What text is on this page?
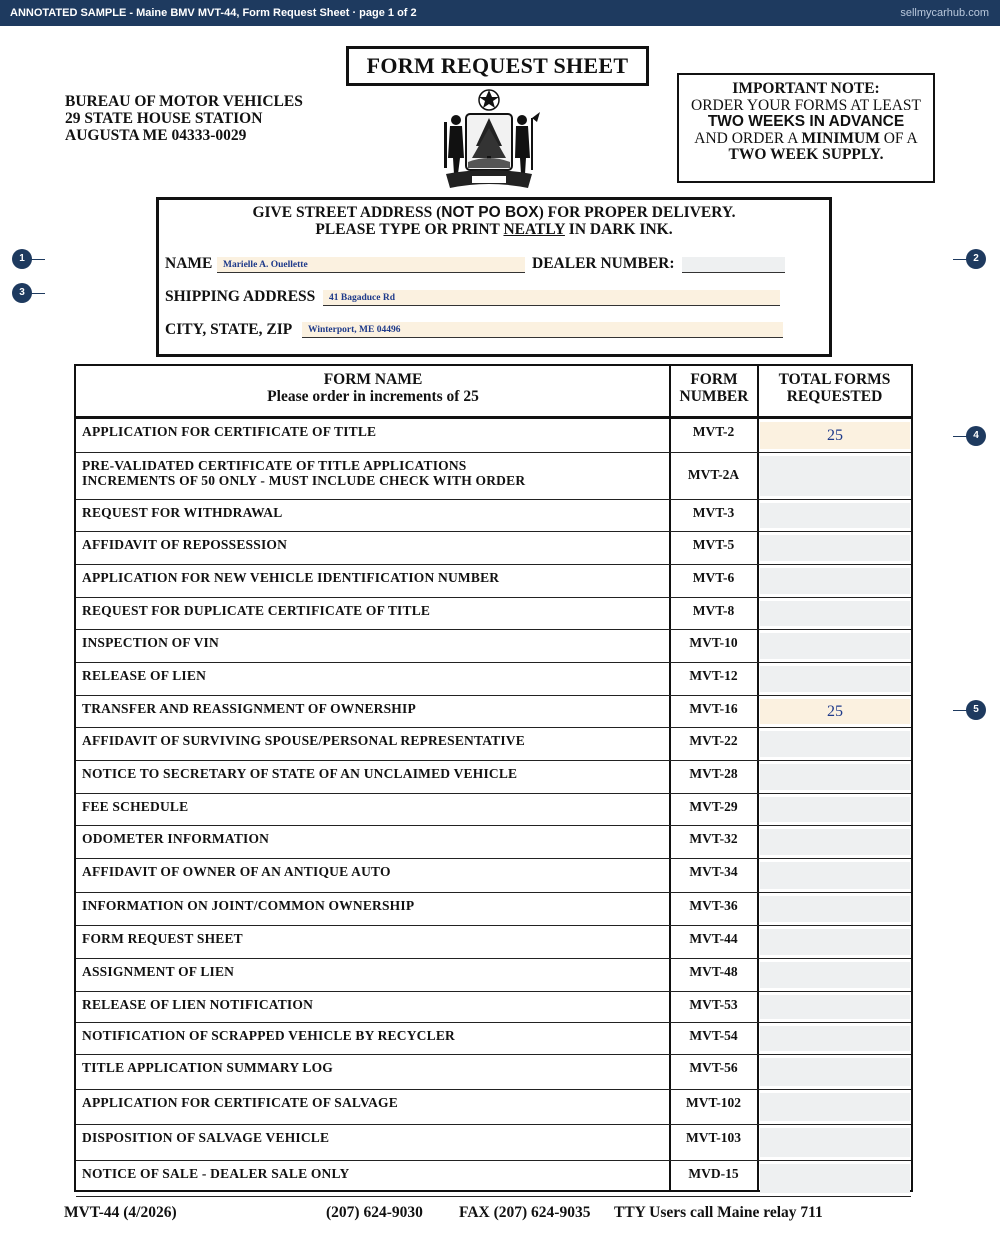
ANNOTATED SAMPLE - Maine BMV MVT-44, Form Request Sheet · page 1 of 2	sellmycarhub.com
FORM REQUEST SHEET
BUREAU OF MOTOR VEHICLES
29 STATE HOUSE STATION
AUGUSTA ME 04333-0029
IMPORTANT NOTE:
ORDER YOUR FORMS AT LEAST
TWO WEEKS IN ADVANCE
AND ORDER A MINIMUM OF A
TWO WEEK SUPPLY.
GIVE STREET ADDRESS (NOT PO BOX) FOR PROPER DELIVERY.
PLEASE TYPE OR PRINT NEATLY IN DARK INK.
NAME	Marielle A. Ouellette	DEALER NUMBER:
SHIPPING ADDRESS	41 Bagaduce Rd
CITY, STATE, ZIP	Winterport, ME 04496
1	2
3
4
5
FORM NAME
Please order in increments of 25
FORM
NUMBER
TOTAL FORMS
REQUESTED
APPLICATION FOR CERTIFICATE OF TITLE	MVT-2	25
PRE-VALIDATED CERTIFICATE OF TITLE APPLICATIONS
INCREMENTS OF 50 ONLY - MUST INCLUDE CHECK WITH ORDER	MVT-2A
REQUEST FOR WITHDRAWAL	MVT-3
AFFIDAVIT OF REPOSSESSION	MVT-5
APPLICATION FOR NEW VEHICLE IDENTIFICATION NUMBER	MVT-6
REQUEST FOR DUPLICATE CERTIFICATE OF TITLE	MVT-8
INSPECTION OF VIN	MVT-10
RELEASE OF LIEN	MVT-12
TRANSFER AND REASSIGNMENT OF OWNERSHIP	MVT-16	25
AFFIDAVIT OF SURVIVING SPOUSE/PERSONAL REPRESENTATIVE	MVT-22
NOTICE TO SECRETARY OF STATE OF AN UNCLAIMED VEHICLE	MVT-28
FEE SCHEDULE	MVT-29
ODOMETER INFORMATION	MVT-32
AFFIDAVIT OF OWNER OF AN ANTIQUE AUTO	MVT-34
INFORMATION ON JOINT/COMMON OWNERSHIP	MVT-36
FORM REQUEST SHEET	MVT-44
ASSIGNMENT OF LIEN	MVT-48
RELEASE OF LIEN NOTIFICATION	MVT-53
NOTIFICATION OF SCRAPPED VEHICLE BY RECYCLER	MVT-54
TITLE APPLICATION SUMMARY LOG	MVT-56
APPLICATION FOR CERTIFICATE OF SALVAGE	MVT-102
DISPOSITION OF SALVAGE VEHICLE	MVT-103
NOTICE OF SALE - DEALER SALE ONLY	MVD-15
MVT-44 (4/2026)	(207) 624-9030 FAX (207) 624-9035 TTY Users call Maine relay 711
